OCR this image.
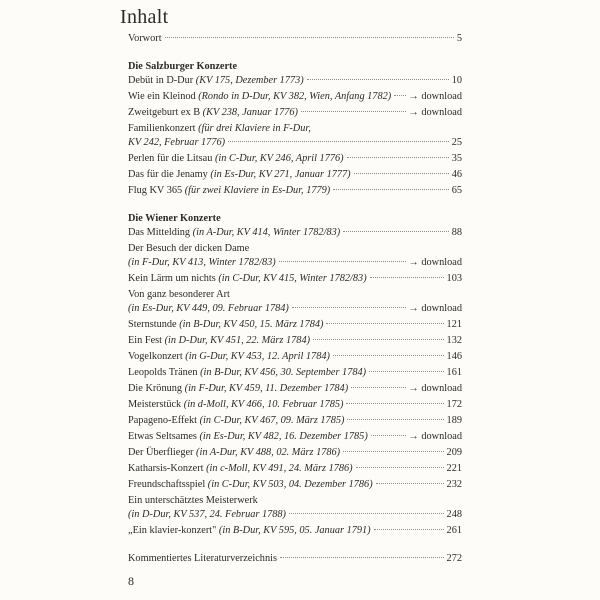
Inhalt
Vorwort	5
Die Salzburger Konzerte
Debüt in D-Dur (KV 175, Dezember 1773)	10
Wie ein Kleinod (Rondo in D-Dur, KV 382, Wien, Anfang 1782) → download
Zweitgeburt ex B (KV 238, Januar 1776)	→ download
Familienkonzert (für drei Klaviere in F-Dur,
KV 242, Februar 1776)	25
Perlen für die Litsau (in C-Dur, KV 246, April 1776)	35
Das für die Jenamy (in Es-Dur, KV 271, Januar 1777)	46
Flug KV 365 (für zwei Klaviere in Es-Dur, 1779)	65
Die Wiener Konzerte
Das Mittelding (in A-Dur, KV 414, Winter 1782/83)	88
Der Besuch der dicken Dame
(in F-Dur, KV 413, Winter 1782/83)	→ download
Kein Lärm um nichts (in C-Dur, KV 415, Winter 1782/83)	103
Von ganz besonderer Art
(in Es-Dur, KV 449, 09. Februar 1784)	→ download
Sternstunde (in B-Dur, KV 450, 15. März 1784)	121
Ein Fest (in D-Dur, KV 451, 22. März 1784)	132
Vogelkonzert (in G-Dur, KV 453, 12. April 1784)	146
Leopolds Tränen (in B-Dur, KV 456, 30. September 1784)	161
Die Krönung (in F-Dur, KV 459, 11. Dezember 1784)	→ download
Meisterstück (in d-Moll, KV 466, 10. Februar 1785)	172
Papageno-Effekt (in C-Dur, KV 467, 09. März 1785)	189
Etwas Seltsames (in Es-Dur, KV 482, 16. Dezember 1785)	→ download
Der Überflieger (in A-Dur, KV 488, 02. März 1786)	209
Katharsis-Konzert (in c-Moll, KV 491, 24. März 1786)	221
Freundschaftsspiel (in C-Dur, KV 503, 04. Dezember 1786)	232
Ein unterschätztes Meisterwerk
(in D-Dur, KV 537, 24. Februar 1788)	248
„Ein klavier-konzert" (in B-Dur, KV 595, 05. Januar 1791)	261
Kommentiertes Literaturverzeichnis	272
8
